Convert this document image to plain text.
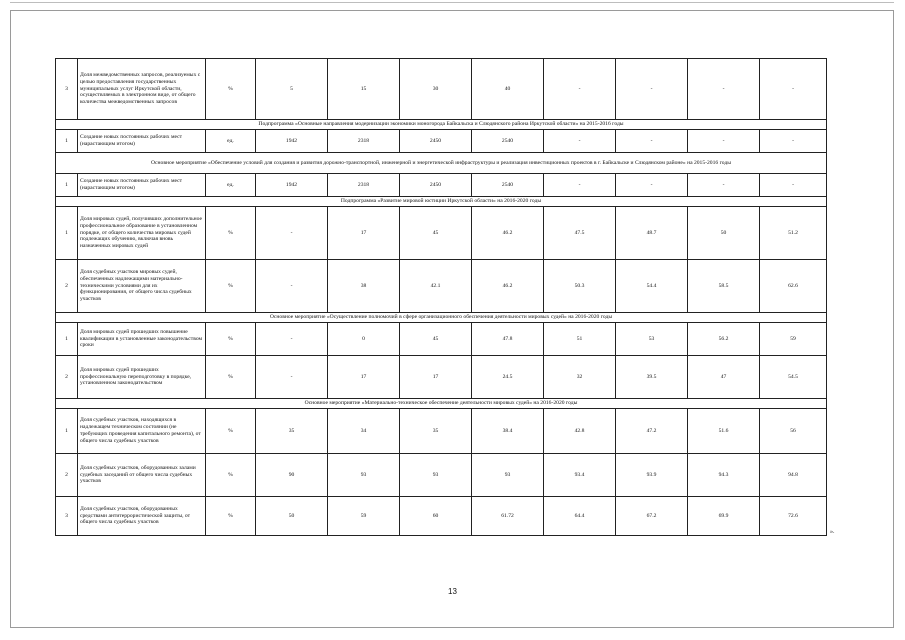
3	Доля межведомственных запросов, реализуемых с целью предоставления государственных муниципальных услуг Иркутской области, осуществляемых в электронном виде, от общего количества межведомственных запросов	%	5	15	30	40	-	-	-	-
Подпрограмма «Основные направления модернизации экономики моногорода Байкальска и Слюдянского района Иркутской области» на 2015-2016 годы										
1	Создание новых постоянных рабочих мест (нарастающим итогом)	ед.	1942	2318	2450	2540	-	-	-	-
Основное мероприятие «Обеспечение условий для создания и развития дорожно-транспортной, инженерной и энергетической инфраструктуры и реализация инвестиционных проектов в г. Байкальске и Слюдянском районе» на 2015-2016 годы										
1	Создание новых постоянных рабочих мест (нарастающим итогом)	ед.	1942	2318	2450	2540	-	-	-	-
Подпрограмма «Развитие мировой юстиции Иркутской области» на 2016-2020 годы										
1	Доля мировых судей, получивших дополнительное профессиональное образование в установленном порядке, от общего количества мировых судей подлежащих обучению, включая вновь назначенных мировых судей	%	-	17	45	46.2	47.5	48.7	50	51.2
2	Доля судебных участков мировых судей, обеспеченных надлежащими материально-техническими условиями для их функционирования, от общего числа судебных участков	%	-	38	42.1	46.2	50.3	54.4	58.5	62.6
Основное мероприятие «Осуществление полномочий в сфере организационного обеспечения деятельности мировых судей» на 2016-2020 годы										
1	Доля мировых судей прошедших повышение квалификации в установленные законодательством сроки	%	-	0	45	47.8	51	53	56.2	59
2	Доля мировых судей прошедших профессиональную переподготовку в порядке, установленном законодательством	%	-	17	17	24.5	32	39.5	47	54.5
Основное мероприятие «Материально-техническое обеспечение деятельности мировых судей» на 2016-2020 годы										
1	Доля судебных участков, находящихся в надлежащем техническом состоянии (не требующих проведения капитального ремонта), от общего числа судебных участков	%	35	34	35	38.4	42.8	47.2	51.6	56
2	Доля судебных участков, оборудованных залами судебных заседаний от общего числа судебных участков	%	90	93	93	93	93.4	93.9	94.3	94.8
3	Доля судебных участков, оборудованных средствами антитеррористической защиты, от общего числа судебных участков	%	50	59	60	61.72	64.4	67.2	69.9	72.6
».
13
